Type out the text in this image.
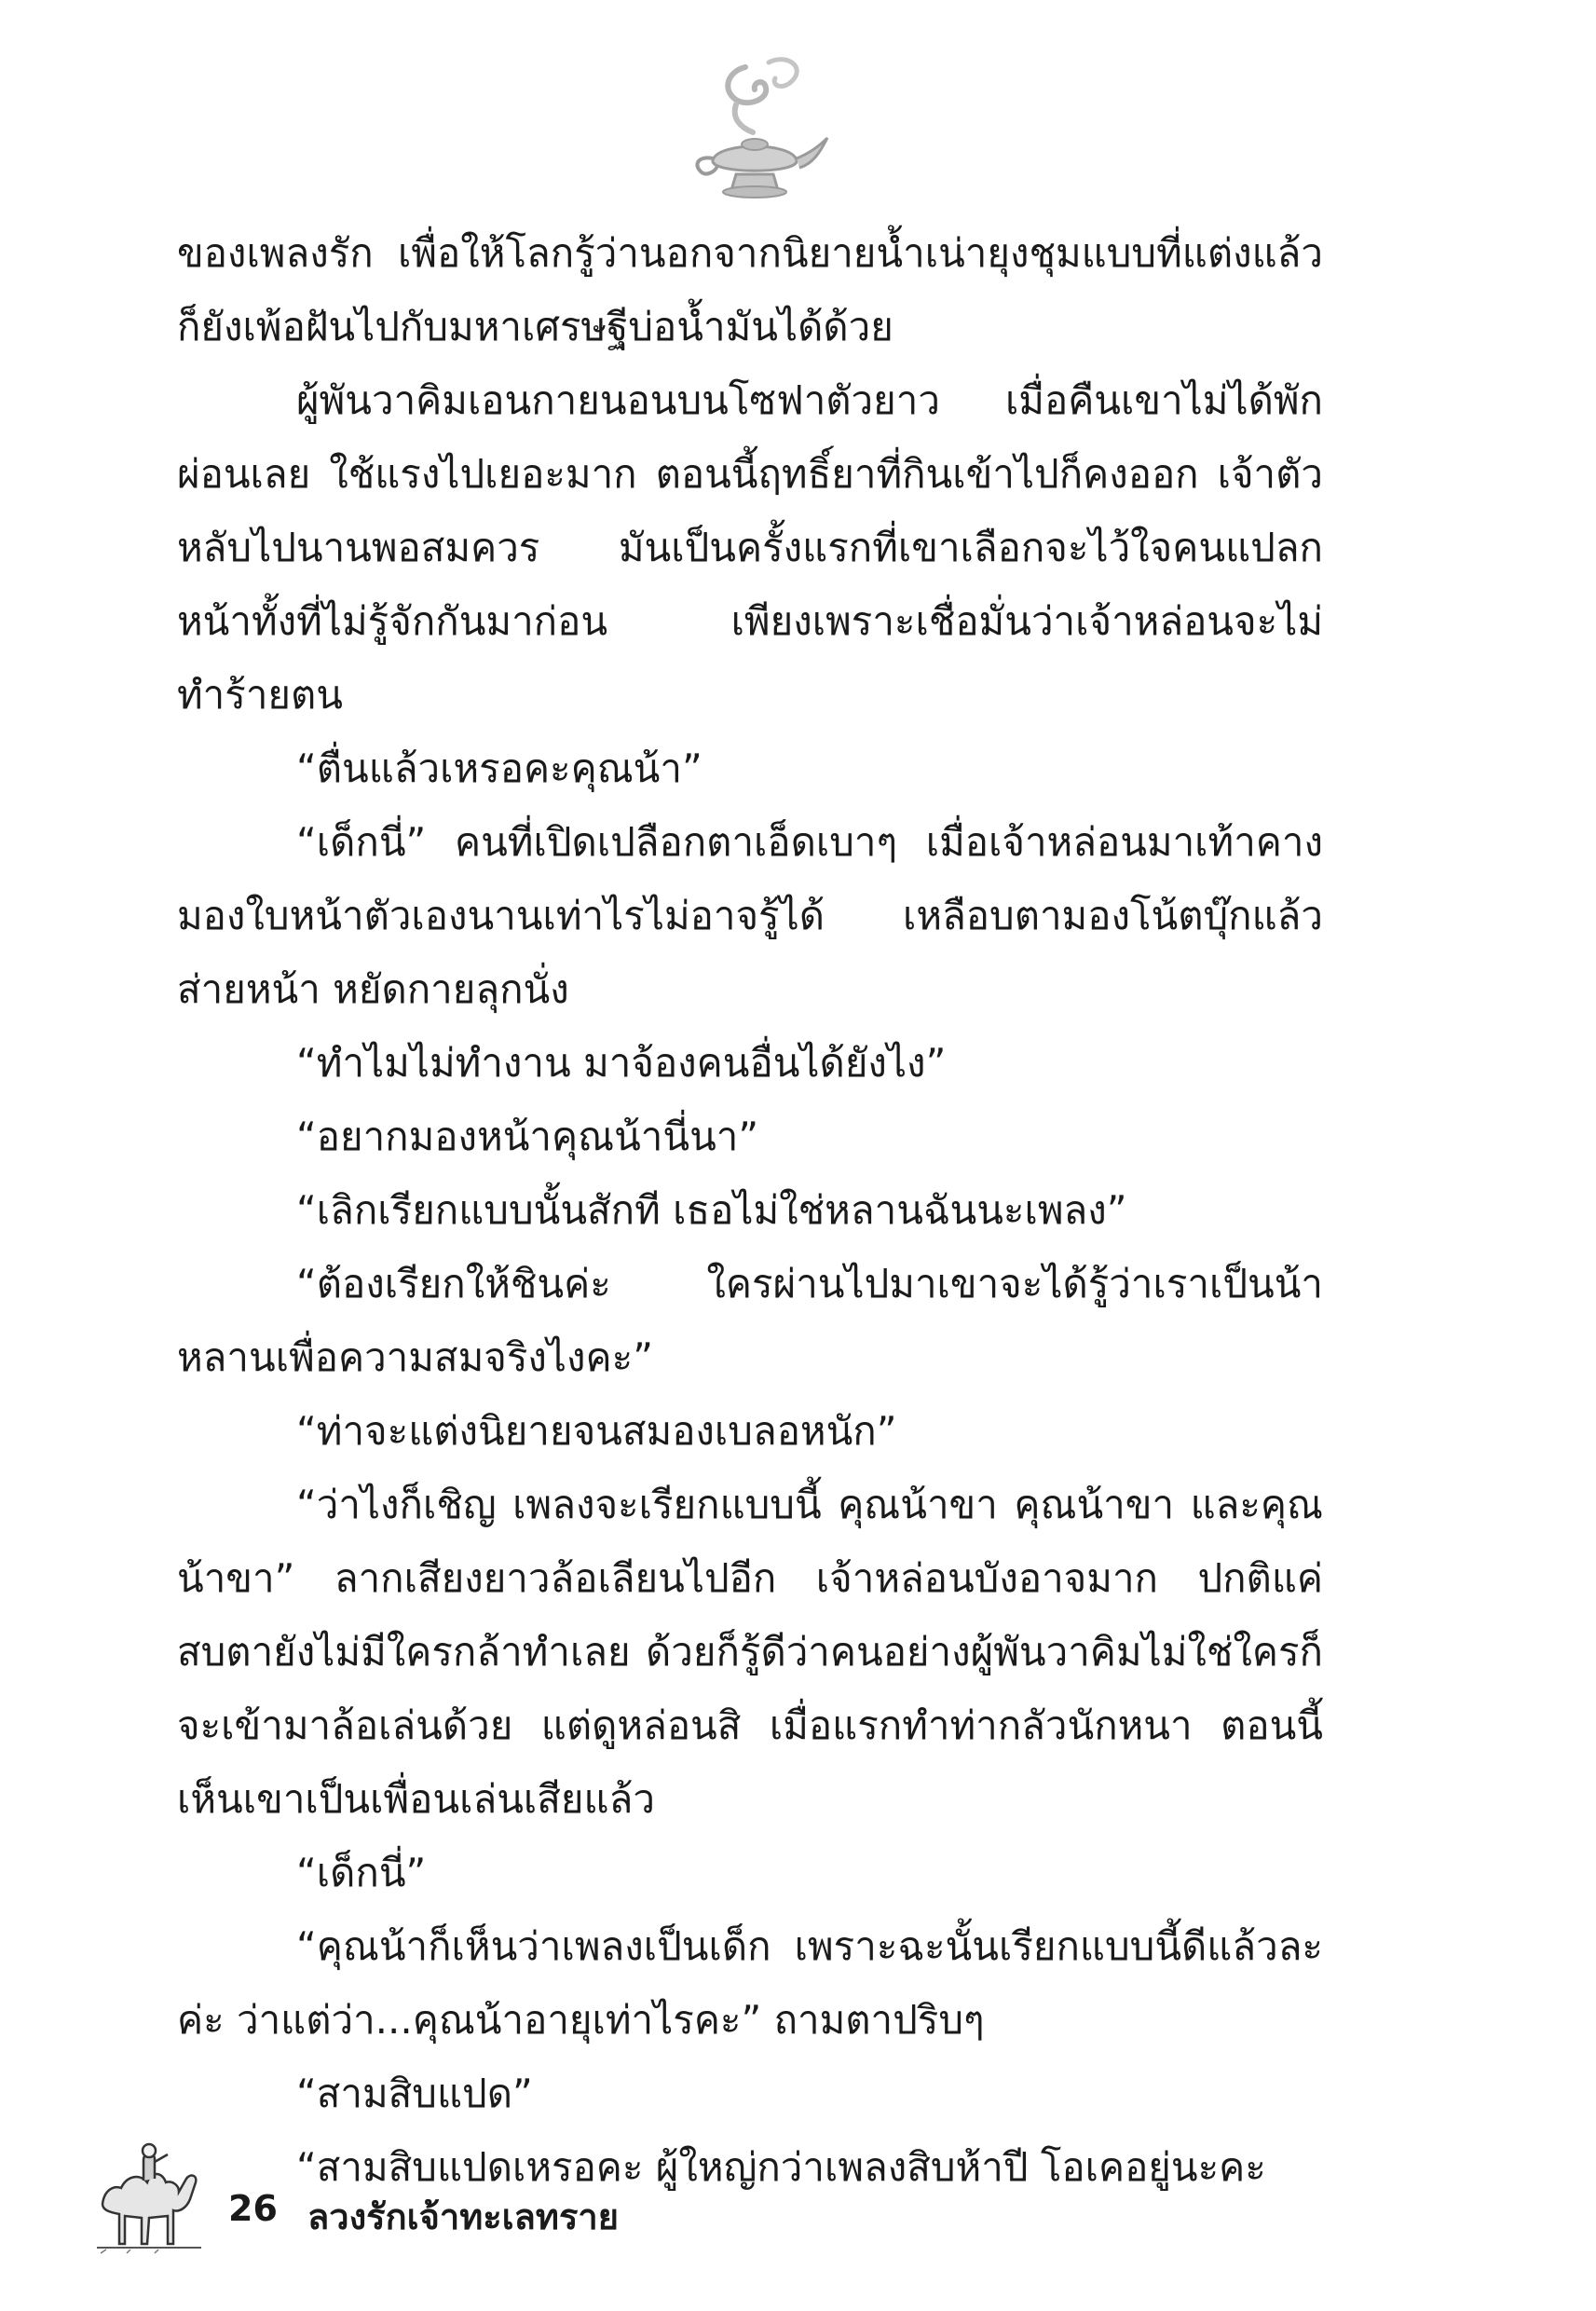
ของเพลงรัก เพื่อให้โลกรู้ว่านอกจากนิยายน้ำเน่ายุงชุมแบบที่แต่งแล้วก็ยังเพ้อฝันไปกับมหาเศรษฐีบ่อน้ำมันได้ด้วย

ผู้พันวาคิมเอนกายนอนบนโซฟาตัวยาว เมื่อคืนเขาไม่ได้พักผ่อนเลย ใช้แรงไปเยอะมาก ตอนนี้ฤทธิ์ยาที่กินเข้าไปก็คงออก เจ้าตัวหลับไปนานพอสมควร มันเป็นครั้งแรกที่เขาเลือกจะไว้ใจคนแปลกหน้าทั้งที่ไม่รู้จักกันมาก่อน เพียงเพราะเชื่อมั่นว่าเจ้าหล่อนจะไม่ทำร้ายตน

“ตื่นแล้วเหรอคะคุณน้า”

“เด็กนี่” คนที่เปิดเปลือกตาเอ็ดเบาๆ เมื่อเจ้าหล่อนมาเท้าคางมองใบหน้าตัวเองนานเท่าไรไม่อาจรู้ได้ เหลือบตามองโน้ตบุ๊กแล้วส่ายหน้า หยัดกายลุกนั่ง

“ทำไมไม่ทำงาน มาจ้องคนอื่นได้ยังไง”

“อยากมองหน้าคุณน้านี่นา”

“เลิกเรียกแบบนั้นสักที เธอไม่ใช่หลานฉันนะเพลง”

“ต้องเรียกให้ชินค่ะ ใครผ่านไปมาเขาจะได้รู้ว่าเราเป็นน้าหลานเพื่อความสมจริงไงคะ”

“ท่าจะแต่งนิยายจนสมองเบลอหนัก”

“ว่าไงก็เชิญ เพลงจะเรียกแบบนี้ คุณน้าขา คุณน้าขา และคุณน้าขา” ลากเสียงยาวล้อเลียนไปอีก เจ้าหล่อนบังอาจมาก ปกติแค่สบตายังไม่มีใครกล้าทำเลย ด้วยก็รู้ดีว่าคนอย่างผู้พันวาคิมไม่ใช่ใครก็จะเข้ามาล้อเล่นด้วย แต่ดูหล่อนสิ เมื่อแรกทำท่ากลัวนักหนา ตอนนี้เห็นเขาเป็นเพื่อนเล่นเสียแล้ว

“เด็กนี่”

“คุณน้าก็เห็นว่าเพลงเป็นเด็ก เพราะฉะนั้นเรียกแบบนี้ดีแล้วละค่ะ ว่าแต่ว่า...คุณน้าอายุเท่าไรคะ” ถามตาปริบๆ

“สามสิบแปด”

“สามสิบแปดเหรอคะ ผู้ใหญ่กว่าเพลงสิบห้าปี โอเคอยู่นะคะ

26 ลวงรักเจ้าทะเลทราย
